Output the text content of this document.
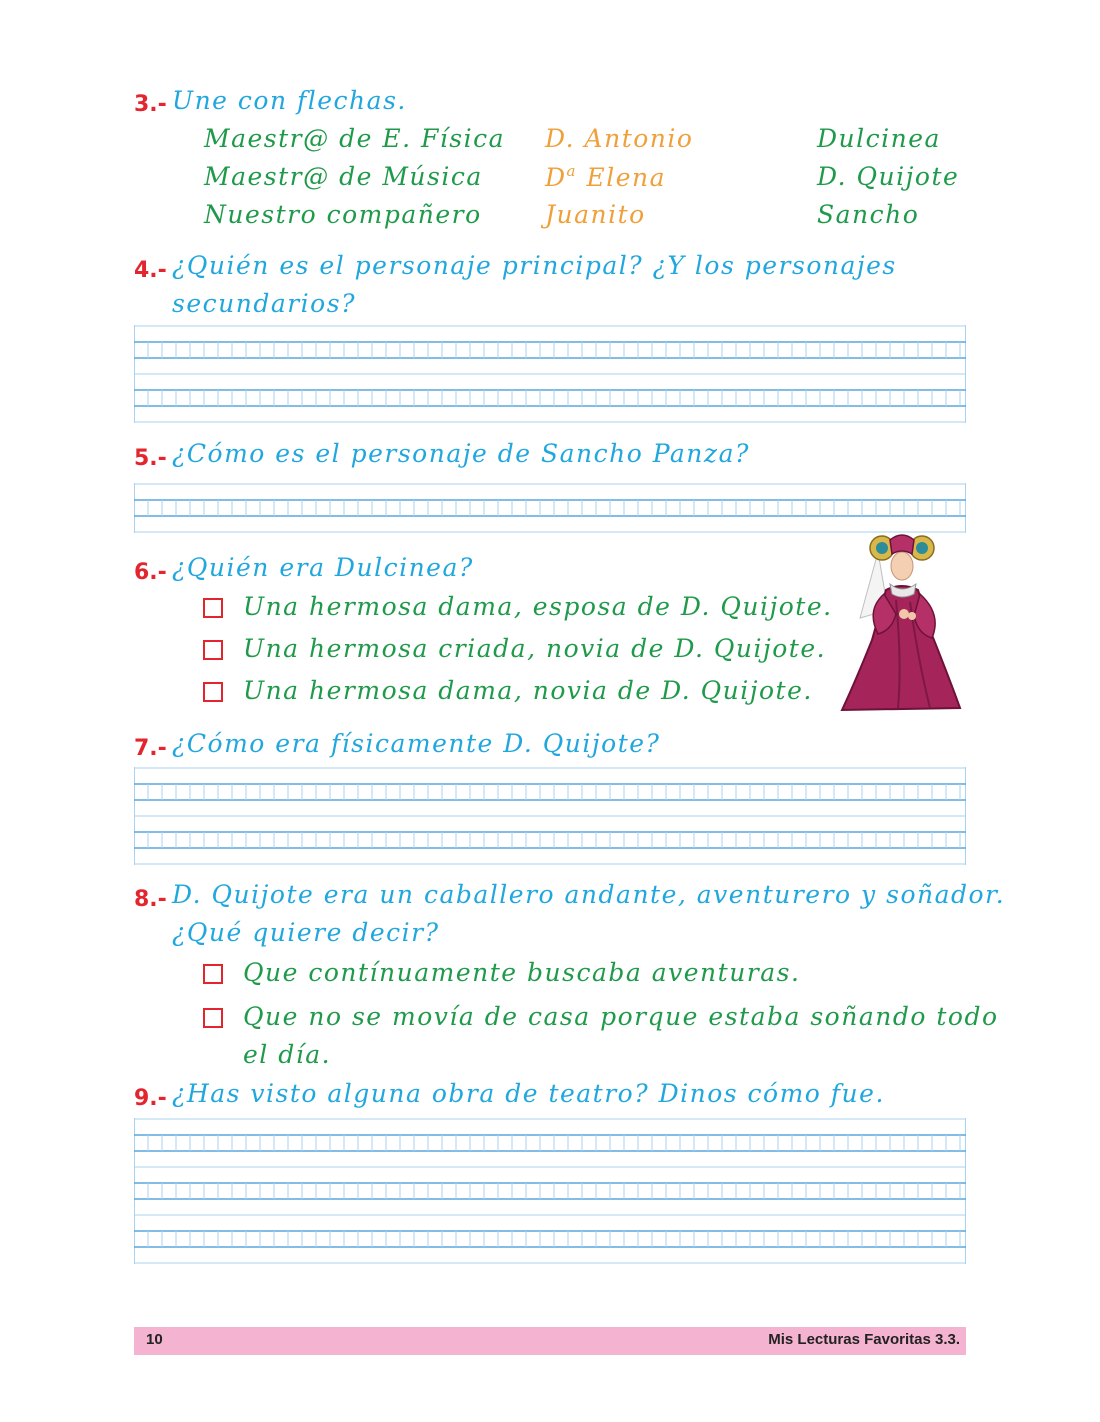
3.- Une con flechas.
Maestr@ de E. Física
Maestr@ de Música
Nuestro compañero
D. Antonio
$D^a$ Elena
Juanito
Dulcinea
D. Quijote
Sancho
4.- ¿Quién es el personaje principal? ¿Y los personajes
secundarios?
5.- ¿Cómo es el personaje de Sancho Panza?
6.- ¿Quién era Dulcinea?
Una hermosa dama, esposa de D. Quijote.
Una hermosa criada, novia de D. Quijote.
Una hermosa dama, novia de D. Quijote.
7.- ¿Cómo era físicamente D. Quijote?
8.- D. Quijote era un caballero andante, aventurero y soñador.
¿Qué quiere decir?
Que contínuamente buscaba aventuras.
Que no se movía de casa porque estaba soñando todo
el día.
9.- ¿Has visto alguna obra de teatro? Dinos cómo fue.
10	Mis Lecturas Favoritas 3.3.
